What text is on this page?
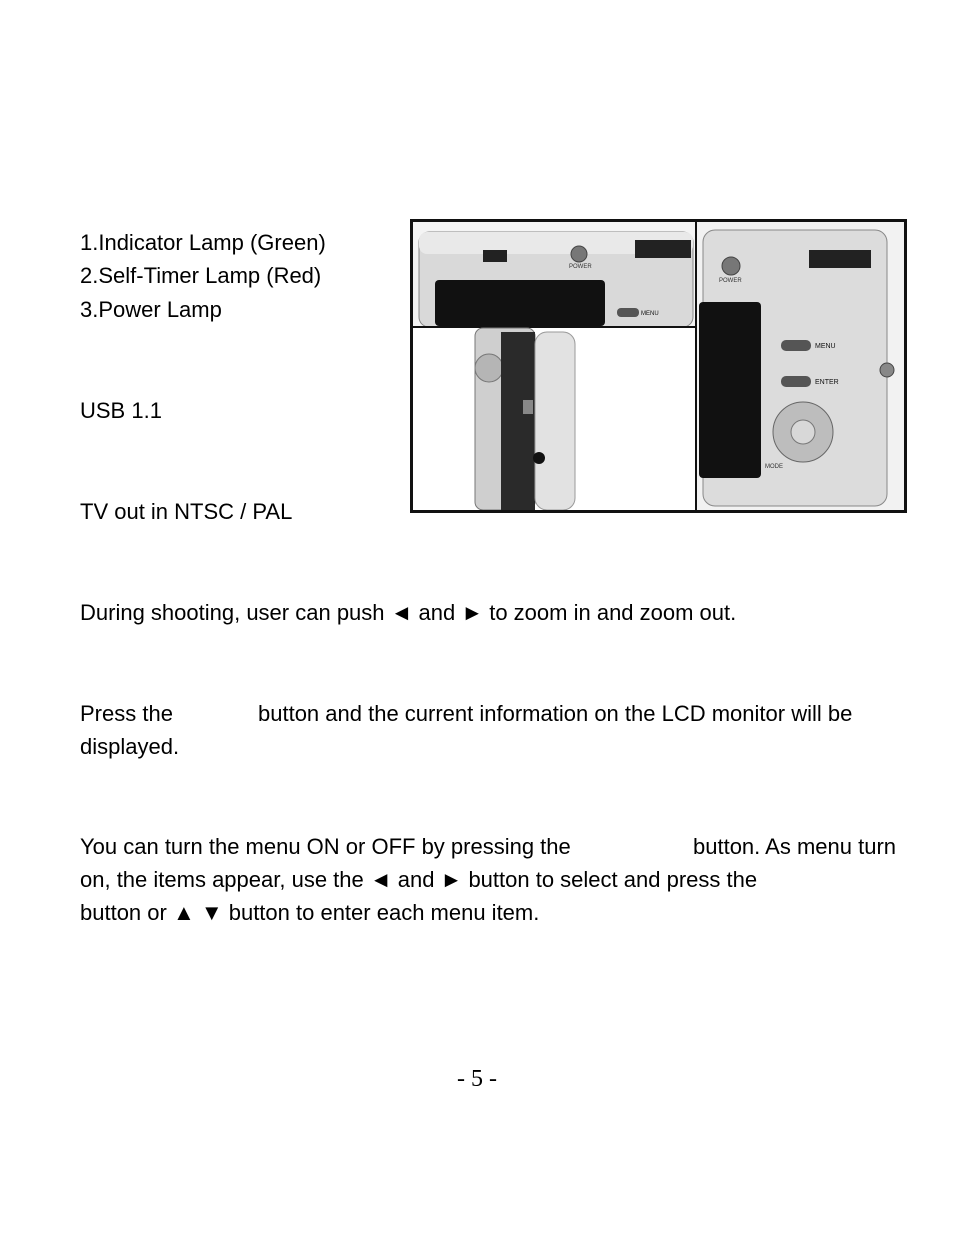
1.Indicator Lamp (Green)
2.Self-Timer Lamp (Red)
3.Power Lamp
USB 1.1
TV out in NTSC / PAL
POWER
MENU
POWER
MENU
ENTER
MODE
During shooting, user can push ◄ and ► to zoom in and zoom out.
Press the	button and the current information on the LCD monitor will be
displayed.
You can turn the menu ON or OFF by pressing the	button. As menu turn
on, the items appear, use the ◄ and ► button to select and press the
button or ▲ ▼ button to enter each menu item.
- 5 -
